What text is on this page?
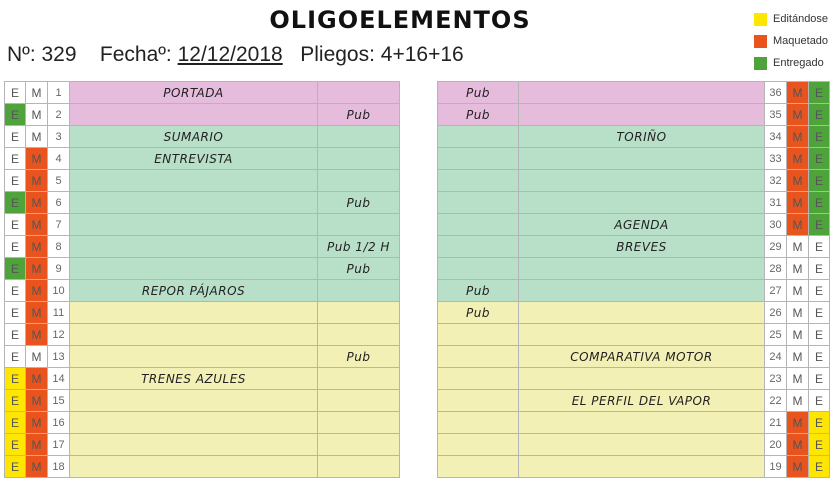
OLIGOELEMENTOS
Nº: 329 Fechaº: 12/12/2018 Pliegos: 4+16+16
Editándose
Maquetado
Entregado
E	M	1	PORTADA	
E	M	2		Pub
E	M	3	SUMARIO	
E	M	4	ENTREVISTA	
E	M	5		
E	M	6		Pub
E	M	7		
E	M	8		Pub 1/2 H
E	M	9		Pub
E	M	10	REPOR PÁJAROS	
E	M	11		
E	M	12		
E	M	13		Pub
E	M	14	TRENES AZULES	
E	M	15		
E	M	16		
E	M	17		
E	M	18		
Pub		36	M	E
Pub		35	M	E
	TORIÑO	34	M	E
		33	M	E
		32	M	E
		31	M	E
	AGENDA	30	M	E
	BREVES	29	M	E
		28	M	E
Pub		27	M	E
Pub		26	M	E
		25	M	E
	COMPARATIVA MOTOR	24	M	E
		23	M	E
	EL PERFIL DEL VAPOR	22	M	E
		21	M	E
		20	M	E
		19	M	E
